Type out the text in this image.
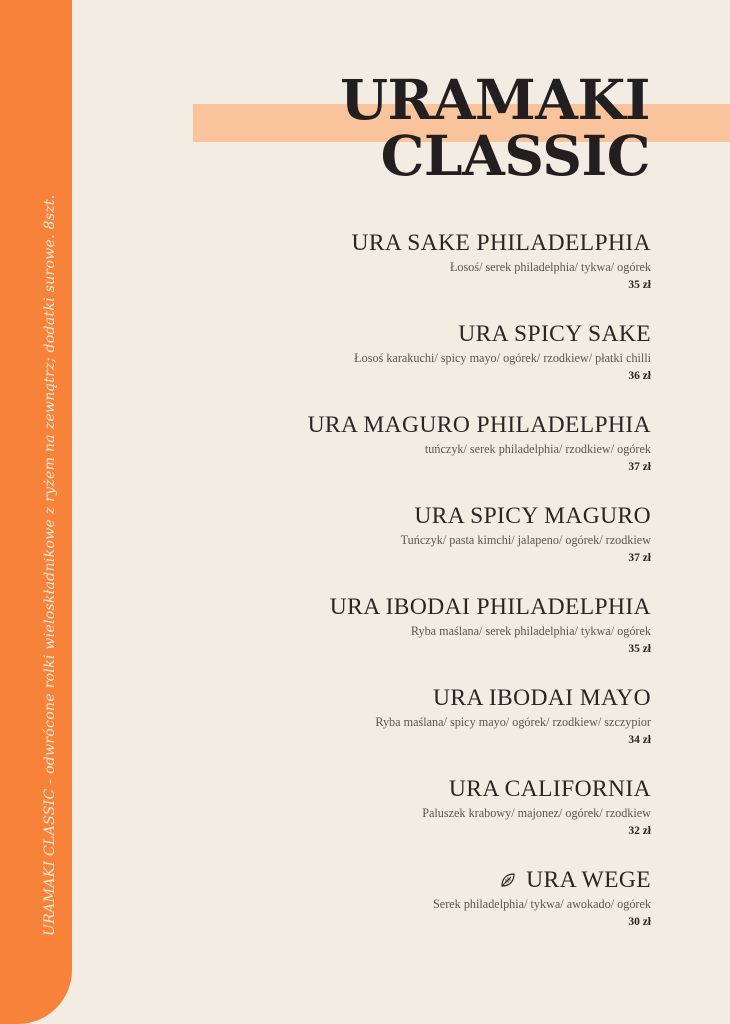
URAMAKI CLASSIC - odwrócone rolki wieloskładnikowe z ryżem na zewnątrz; dodatki surowe. 8szt.
URAMAKI
CLASSIC
URA SAKE PHILADELPHIA
Łosoś/ serek philadelphia/ tykwa/ ogórek
35 zł
URA SPICY SAKE
Łosoś karakuchi/ spicy mayo/ ogórek/ rzodkiew/ płatki chilli
36 zł
URA MAGURO PHILADELPHIA
tuńczyk/ serek philadelphia/ rzodkiew/ ogórek
37 zł
URA SPICY MAGURO
Tuńczyk/ pasta kimchi/ jalapeno/ ogórek/ rzodkiew
37 zł
URA IBODAI PHILADELPHIA
Ryba maślana/ serek philadelphia/ tykwa/ ogórek
35 zł
URA IBODAI MAYO
Ryba maślana/ spicy mayo/ ogórek/ rzodkiew/ szczypior
34 zł
URA CALIFORNIA
Paluszek krabowy/ majonez/ ogórek/ rzodkiew
32 zł
URA WEGE
Serek philadelphia/ tykwa/ awokado/ ogórek
30 zł
